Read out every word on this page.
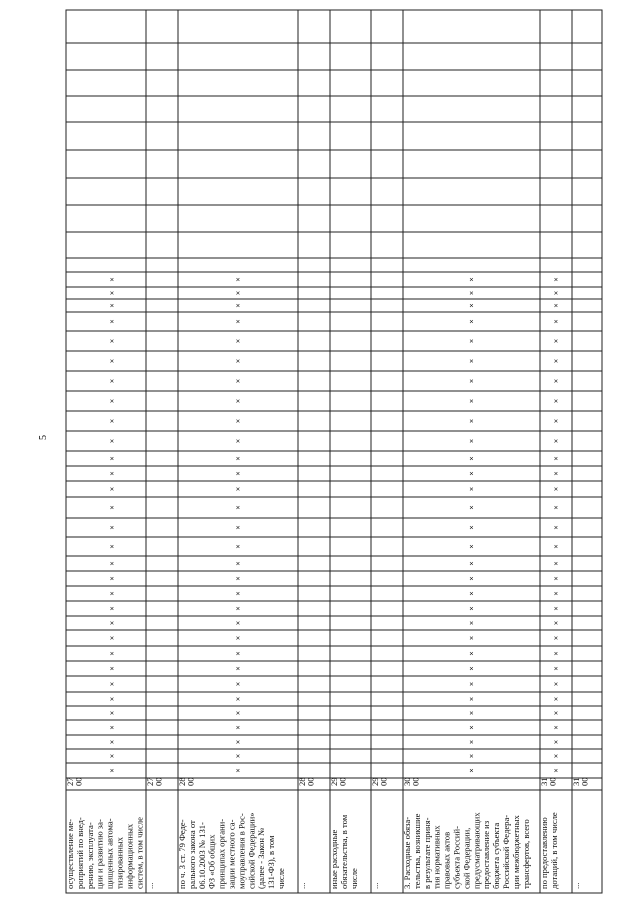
5
осуществление ме-роприятий по внед-рению, эксплуата-ции и развитию за-щищенных автома-тизированныхинформационныхсистем, в том числе
2700
×
×
×
×
×
×
×
×
×
×
×
×
×
×
×
×
×
×
×
×
×
×
×
×
×
×
×
×
×
×
×
...
2700
по ч. 3 ст. 79 Феде-рального закона от06.10.2003 № 131-ФЗ «Об общихпринципах органи-зации местного са-моуправления в Рос-сийской Федерации»(далее - Закон №131-ФЗ), в томчисле
2800
×
×
×
×
×
×
×
×
×
×
×
×
×
×
×
×
×
×
×
×
×
×
×
×
×
×
×
×
×
×
×
...
2800
иные расходныеобязательства, в томчисле
2900
...
2900
3. Расходные обяза-тельства, возникшиев результате приня-тия нормативныхправовых актовсубъекта Россий-ской Федерации,предусматривающихпредоставление избюджета субъектаРоссийской Федера-ции межбюджетныхтрансфертов, всего
3000
×
×
×
×
×
×
×
×
×
×
×
×
×
×
×
×
×
×
×
×
×
×
×
×
×
×
×
×
×
×
×
по предоставлениюдотаций, в том числе
3100
×
×
×
×
×
×
×
×
×
×
×
×
×
×
×
×
×
×
×
×
×
×
×
×
×
×
×
×
×
×
×
...
3100
